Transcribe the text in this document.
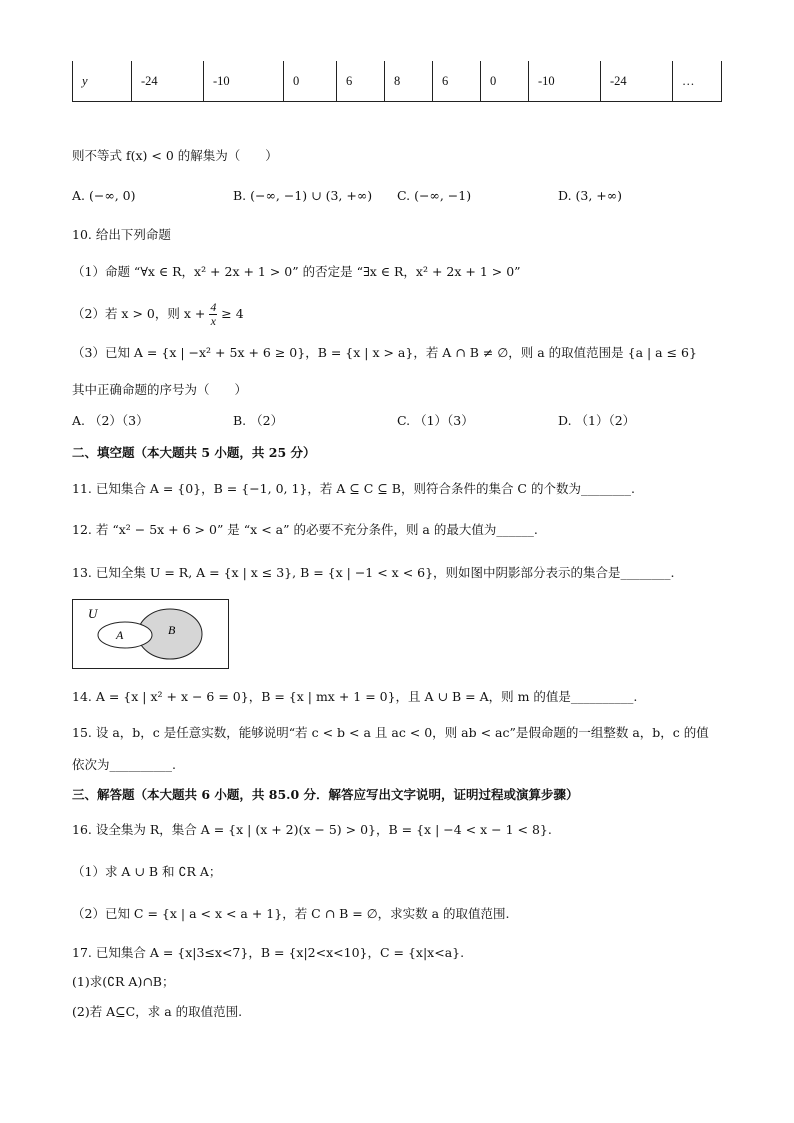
y	-24	-10	0	6	8	6	0	-10	-24	…
则不等式 f(x) < 0 的解集为（　　）
A. (−∞, 0)	B. (−∞, −1) ∪ (3, +∞) C. (−∞, −1)	D. (3, +∞)
10. 给出下列命题
（1）命题 “∀x ∈ R，x² + 2x + 1 > 0” 的否定是 “∃x ∈ R，x² + 2x + 1 > 0”
（2）若 x > 0，则 $x + \frac{4}{x} \ge 4$
（3）已知 A = {x | −x² + 5x + 6 ≥ 0}，B = {x | x > a}，若 A ∩ B ≠ ∅，则 a 的取值范围是 {a | a ≤ 6}
其中正确命题的序号为（　　）
A. （2）（3）	B. （2）	C. （1）（3）	D. （1）（2）
二、填空题（本大题共 5 小题，共 25 分）
11. 已知集合 A = {0}，B = {−1, 0, 1}，若 A ⊆ C ⊆ B，则符合条件的集合 C 的个数为________.
12. 若 “x² − 5x + 6 > 0” 是 “x < a” 的必要不充分条件，则 a 的最大值为______.
13. 已知全集 U = R, A = {x | x ≤ 3}, B = {x | −1 < x < 6}，则如图中阴影部分表示的集合是________.
U
A	B
14. A = {x | x² + x − 6 = 0}，B = {x | mx + 1 = 0}，且 A ∪ B = A，则 m 的值是__________.
15. 设 a，b，c 是任意实数，能够说明“若 c < b < a 且 ac < 0，则 ab < ac”是假命题的一组整数 a，b，c 的值
依次为__________.
三、解答题（本大题共 6 小题，共 85.0 分．解答应写出文字说明，证明过程或演算步骤）
16. 设全集为 R，集合 A = {x | (x + 2)(x − 5) > 0}，B = {x | −4 < x − 1 < 8}.
（1）求 A ∪ B 和 ∁R A；
（2）已知 C = {x | a < x < a + 1}，若 C ∩ B = ∅，求实数 a 的取值范围.
17. 已知集合 A = {x|3≤x<7}，B = {x|2<x<10}，C = {x|x<a}.
(1)求(∁R A)∩B；
(2)若 A⊆C，求 a 的取值范围.
